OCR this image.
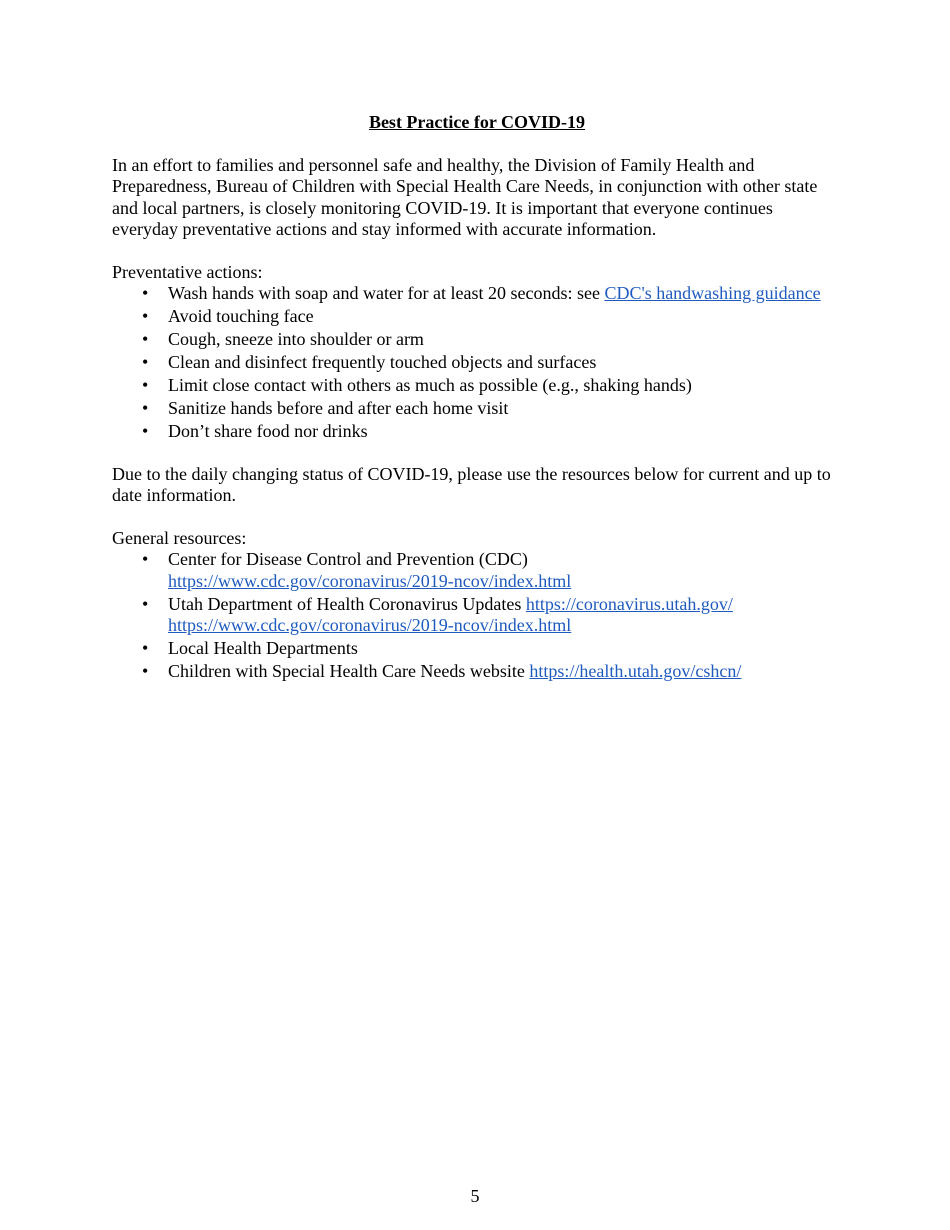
Best Practice for COVID-19

In an effort to families and personnel safe and healthy, the Division of Family Health and Preparedness, Bureau of Children with Special Health Care Needs, in conjunction with other state and local partners, is closely monitoring COVID-19. It is important that everyone continues everyday preventative actions and stay informed with accurate information.

Preventative actions:

• Wash hands with soap and water for at least 20 seconds: see CDC's handwashing guidance
• Avoid touching face
• Cough, sneeze into shoulder or arm
• Clean and disinfect frequently touched objects and surfaces
• Limit close contact with others as much as possible (e.g., shaking hands)
• Sanitize hands before and after each home visit
• Don’t share food nor drinks

Due to the daily changing status of COVID-19, please use the resources below for current and up to date information.

General resources:

• Center for Disease Control and Prevention (CDC)
https://www.cdc.gov/coronavirus/2019-ncov/index.html
• Utah Department of Health Coronavirus Updates https://coronavirus.utah.gov/
https://www.cdc.gov/coronavirus/2019-ncov/index.html
• Local Health Departments
• Children with Special Health Care Needs website https://health.utah.gov/cshcn/
5
